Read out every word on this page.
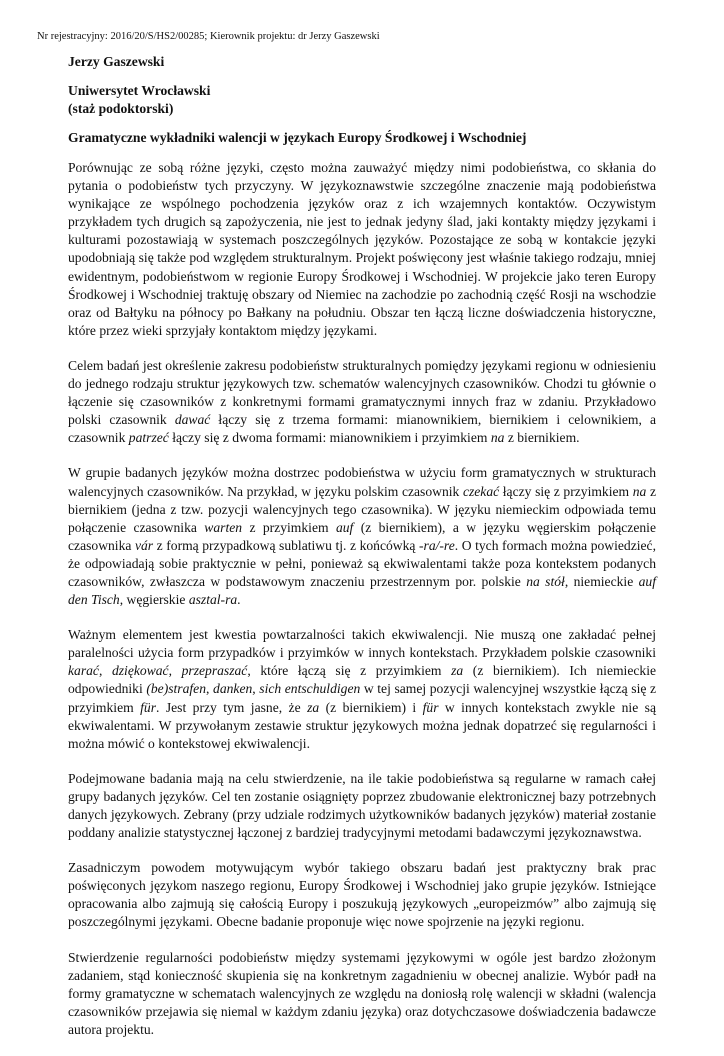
Nr rejestracyjny: 2016/20/S/HS2/00285; Kierownik projektu: dr Jerzy Gaszewski

Jerzy Gaszewski

Uniwersytet Wrocławski

(staż podoktorski)

Gramatyczne wykładniki walencji w językach Europy Środkowej i Wschodniej

Porównując ze sobą różne języki, często można zauważyć między nimi podobieństwa, co skłania do pytania o podobieństw tych przyczyny. W językoznawstwie szczególne znaczenie mają podobieństwa wynikające ze wspólnego pochodzenia języków oraz z ich wzajemnych kontaktów. Oczywistym przykładem tych drugich są zapożyczenia, nie jest to jednak jedyny ślad, jaki kontakty między językami i kulturami pozostawiają w systemach poszczególnych języków. Pozostające ze sobą w kontakcie języki upodobniają się także pod względem strukturalnym. Projekt poświęcony jest właśnie takiego rodzaju, mniej ewidentnym, podobieństwom w regionie Europy Środkowej i Wschodniej. W projekcie jako teren Europy Środkowej i Wschodniej traktuję obszary od Niemiec na zachodzie po zachodnią część Rosji na wschodzie oraz od Bałtyku na północy po Bałkany na południu. Obszar ten łączą liczne doświadczenia historyczne, które przez wieki sprzyjały kontaktom między językami.

Celem badań jest określenie zakresu podobieństw strukturalnych pomiędzy językami regionu w odniesieniu do jednego rodzaju struktur językowych tzw. schematów walencyjnych czasowników. Chodzi tu głównie o łączenie się czasowników z konkretnymi formami gramatycznymi innych fraz w zdaniu. Przykładowo polski czasownik dawać łączy się z trzema formami: mianownikiem, biernikiem i celownikiem, a czasownik patrzeć łączy się z dwoma formami: mianownikiem i przyimkiem na z biernikiem.

W grupie badanych języków można dostrzec podobieństwa w użyciu form gramatycznych w strukturach walencyjnych czasowników. Na przykład, w języku polskim czasownik czekać łączy się z przyimkiem na z biernikiem (jedna z tzw. pozycji walencyjnych tego czasownika). W języku niemieckim odpowiada temu połączenie czasownika warten z przyimkiem auf (z biernikiem), a w języku węgierskim połączenie czasownika vár z formą przypadkową sublatiwu tj. z końcówką -ra/-re. O tych formach można powiedzieć, że odpowiadają sobie praktycznie w pełni, ponieważ są ekwiwalentami także poza kontekstem podanych czasowników, zwłaszcza w podstawowym znaczeniu przestrzennym por. polskie na stół, niemieckie auf den Tisch, węgierskie asztal-ra.

Ważnym elementem jest kwestia powtarzalności takich ekwiwalencji. Nie muszą one zakładać pełnej paralelności użycia form przypadków i przyimków w innych kontekstach. Przykładem polskie czasowniki karać, dziękować, przepraszać, które łączą się z przyimkiem za (z biernikiem). Ich niemieckie odpowiedniki (be)strafen, danken, sich entschuldigen w tej samej pozycji walencyjnej wszystkie łączą się z przyimkiem für. Jest przy tym jasne, że za (z biernikiem) i für w innych kontekstach zwykle nie są ekwiwalentami. W przywołanym zestawie struktur językowych można jednak dopatrzeć się regularności i można mówić o kontekstowej ekwiwalencji.

Podejmowane badania mają na celu stwierdzenie, na ile takie podobieństwa są regularne w ramach całej grupy badanych języków. Cel ten zostanie osiągnięty poprzez zbudowanie elektronicznej bazy potrzebnych danych językowych. Zebrany (przy udziale rodzimych użytkowników badanych języków) materiał zostanie poddany analizie statystycznej łączonej z bardziej tradycyjnymi metodami badawczymi językoznawstwa.

Zasadniczym powodem motywującym wybór takiego obszaru badań jest praktyczny brak prac poświęconych językom naszego regionu, Europy Środkowej i Wschodniej jako grupie języków. Istniejące opracowania albo zajmują się całością Europy i poszukują językowych „europeizmów” albo zajmują się poszczególnymi językami. Obecne badanie proponuje więc nowe spojrzenie na języki regionu.

Stwierdzenie regularności podobieństw między systemami językowymi w ogóle jest bardzo złożonym zadaniem, stąd konieczność skupienia się na konkretnym zagadnieniu w obecnej analizie. Wybór padł na formy gramatyczne w schematach walencyjnych ze względu na doniosłą rolę walencji w składni (walencja czasowników przejawia się niemal w każdym zdaniu języka) oraz dotychczasowe doświadczenia badawcze autora projektu.
